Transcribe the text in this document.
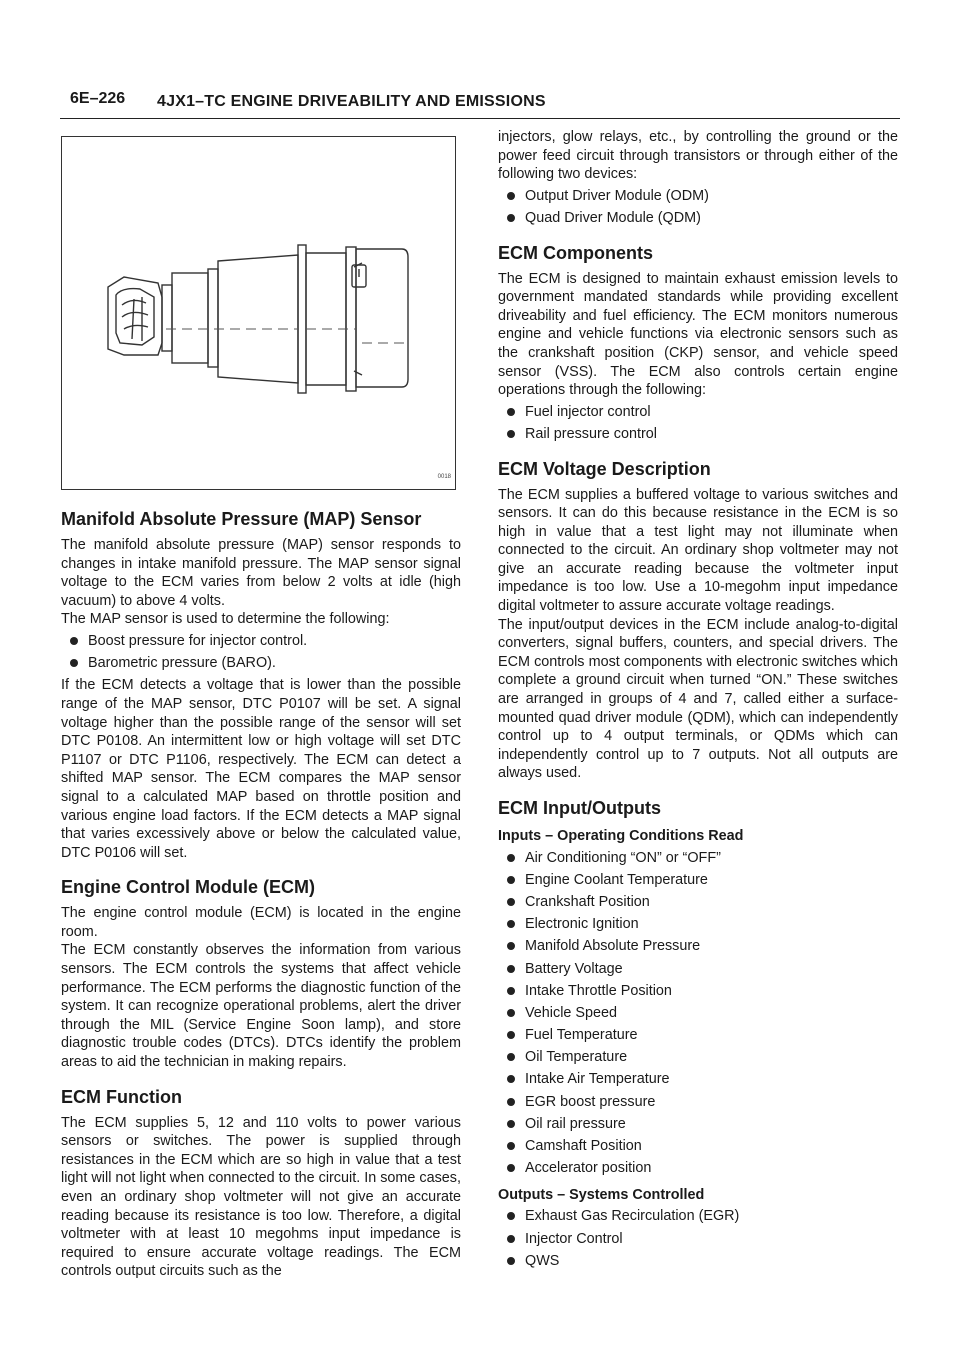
6E–226 4JX1–TC ENGINE DRIVEABILITY AND EMISSIONS
0018
Manifold Absolute Pressure (MAP) Sensor

The manifold absolute pressure (MAP) sensor responds to changes in intake manifold pressure. The MAP sensor signal voltage to the ECM varies from below 2 volts at idle (high vacuum) to above 4 volts.

The MAP sensor is used to determine the following:

Boost pressure for injector control.
Barometric pressure (BARO).

If the ECM detects a voltage that is lower than the possible range of the MAP sensor, DTC P0107 will be set. A signal voltage higher than the possible range of the sensor will set DTC P0108. An intermittent low or high voltage will set DTC P1107 or DTC P1106, respectively. The ECM can detect a shifted MAP sensor. The ECM compares the MAP sensor signal to a calculated MAP based on throttle position and various engine load factors. If the ECM detects a MAP signal that varies excessively above or below the calculated value, DTC P0106 will set.

Engine Control Module (ECM)

The engine control module (ECM) is located in the engine room.

The ECM constantly observes the information from various sensors. The ECM controls the systems that affect vehicle performance. The ECM performs the diagnostic function of the system. It can recognize operational problems, alert the driver through the MIL (Service Engine Soon lamp), and store diagnostic trouble codes (DTCs). DTCs identify the problem areas to aid the technician in making repairs.

ECM Function

The ECM supplies 5, 12 and 110 volts to power various sensors or switches. The power is supplied through resistances in the ECM which are so high in value that a test light will not light when connected to the circuit. In some cases, even an ordinary shop voltmeter will not give an accurate reading because its resistance is too low. Therefore, a digital voltmeter with at least 10 megohms input impedance is required to ensure accurate voltage readings. The ECM controls output circuits such as the

injectors, glow relays, etc., by controlling the ground or the power feed circuit through transistors or through either of the following two devices:

Output Driver Module (ODM)
Quad Driver Module (QDM)
ECM Components

The ECM is designed to maintain exhaust emission levels to government mandated standards while providing excellent driveability and fuel efficiency. The ECM monitors numerous engine and vehicle functions via electronic sensors such as the crankshaft position (CKP) sensor, and vehicle speed sensor (VSS). The ECM also controls certain engine operations through the following:

Fuel injector control
Rail pressure control
ECM Voltage Description

The ECM supplies a buffered voltage to various switches and sensors. It can do this because resistance in the ECM is so high in value that a test light may not illuminate when connected to the circuit. An ordinary shop voltmeter may not give an accurate reading because the voltmeter input impedance is too low. Use a 10-megohm input impedance digital voltmeter to assure accurate voltage readings.

The input/output devices in the ECM include analog-to-digital converters, signal buffers, counters, and special drivers. The ECM controls most components with electronic switches which complete a ground circuit when turned “ON.” These switches are arranged in groups of 4 and 7, called either a surface-mounted quad driver module (QDM), which can independently control up to 4 output terminals, or QDMs which can independently control up to 7 outputs. Not all outputs are always used.

ECM Input/Outputs
Inputs – Operating Conditions Read
Air Conditioning “ON” or “OFF”
Engine Coolant Temperature
Crankshaft Position
Electronic Ignition
Manifold Absolute Pressure
Battery Voltage
Intake Throttle Position
Vehicle Speed
Fuel Temperature
Oil Temperature
Intake Air Temperature
EGR boost pressure
Oil rail pressure
Camshaft Position
Accelerator position
Outputs – Systems Controlled
Exhaust Gas Recirculation (EGR)
Injector Control
QWS
